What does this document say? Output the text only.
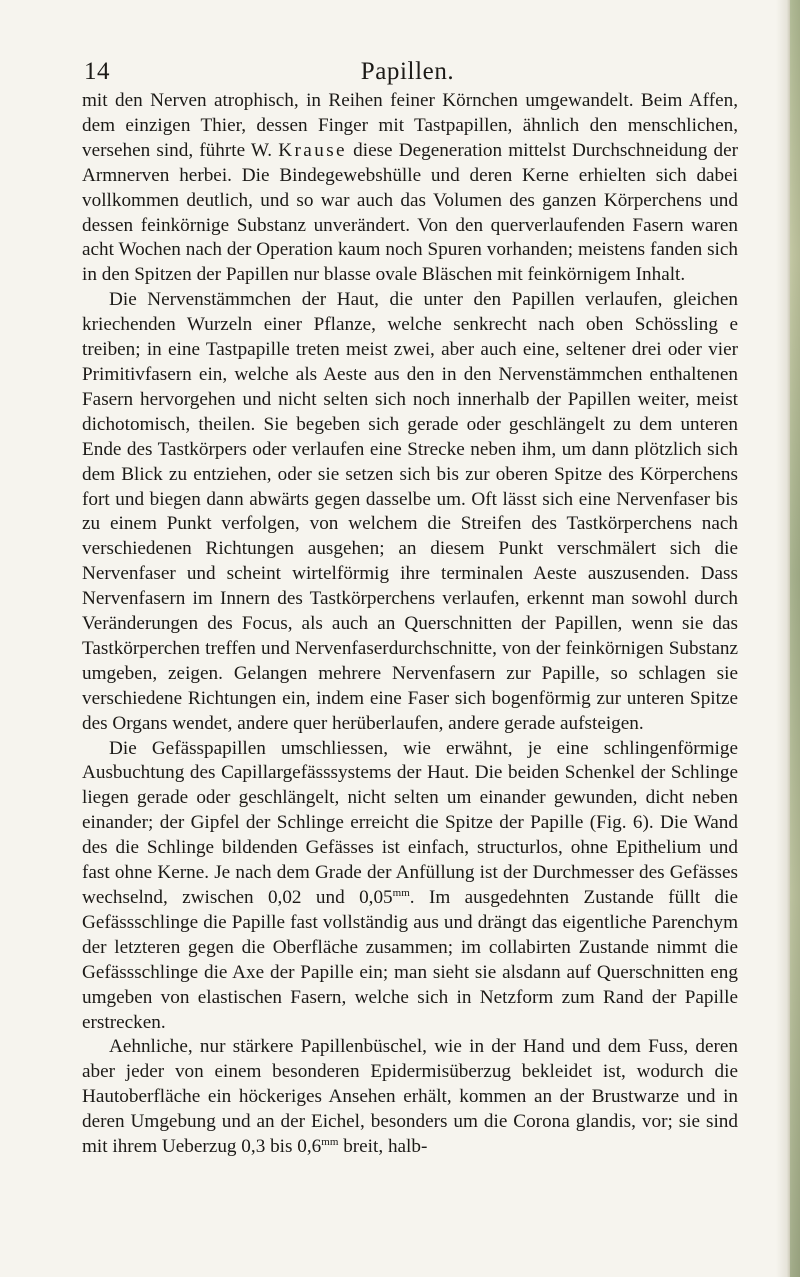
14	Papillen.

mit den Nerven atrophisch, in Reihen feiner Körnchen umgewandelt. Beim Affen, dem einzigen Thier, dessen Finger mit Tastpapillen, ähnlich den menschlichen, versehen sind, führte W. Krause diese Degeneration mittelst Durchschneidung der Armnerven herbei. Die Bindegewebshülle und deren Kerne erhielten sich dabei vollkommen deutlich, und so war auch das Volumen des ganzen Körperchens und dessen feinkörnige Substanz unverändert. Von den querverlaufenden Fasern waren acht Wochen nach der Operation kaum noch Spuren vorhanden; meistens fanden sich in den Spitzen der Papillen nur blasse ovale Bläschen mit feinkörnigem Inhalt.

Die Nervenstämmchen der Haut, die unter den Papillen verlaufen, gleichen kriechenden Wurzeln einer Pflanze, welche senkrecht nach oben Schössling e treiben; in eine Tastpapille treten meist zwei, aber auch eine, seltener drei oder vier Primitivfasern ein, welche als Aeste aus den in den Nervenstämmchen enthaltenen Fasern hervorgehen und nicht selten sich noch innerhalb der Papillen weiter, meist dichotomisch, theilen. Sie begeben sich gerade oder geschlängelt zu dem unteren Ende des Tastkörpers oder verlaufen eine Strecke neben ihm, um dann plötzlich sich dem Blick zu entziehen, oder sie setzen sich bis zur oberen Spitze des Körperchens fort und biegen dann abwärts gegen dasselbe um. Oft lässt sich eine Nervenfaser bis zu einem Punkt verfolgen, von welchem die Streifen des Tastkörperchens nach verschiedenen Richtungen ausgehen; an diesem Punkt verschmälert sich die Nervenfaser und scheint wirtelförmig ihre terminalen Aeste auszusenden. Dass Nervenfasern im Innern des Tastkörperchens verlaufen, erkennt man sowohl durch Veränderungen des Focus, als auch an Querschnitten der Papillen, wenn sie das Tastkörperchen treffen und Nervenfaserdurchschnitte, von der feinkörnigen Substanz umgeben, zeigen. Gelangen mehrere Nervenfasern zur Papille, so schlagen sie verschiedene Richtungen ein, indem eine Faser sich bogenförmig zur unteren Spitze des Organs wendet, andere quer herüberlaufen, andere gerade aufsteigen.

Die Gefässpapillen umschliessen, wie erwähnt, je eine schlingenförmige Ausbuchtung des Capillargefässsystems der Haut. Die beiden Schenkel der Schlinge liegen gerade oder geschlängelt, nicht selten um einander gewunden, dicht neben einander; der Gipfel der Schlinge erreicht die Spitze der Papille (Fig. 6). Die Wand des die Schlinge bildenden Gefässes ist einfach, structurlos, ohne Epithelium und fast ohne Kerne. Je nach dem Grade der Anfüllung ist der Durchmesser des Gefässes wechselnd, zwischen 0,02 und $0,05^{mm}$. Im ausgedehnten Zustande füllt die Gefässschlinge die Papille fast vollständig aus und drängt das eigentliche Parenchym der letzteren gegen die Oberfläche zusammen; im collabirten Zustande nimmt die Gefässschlinge die Axe der Papille ein; man sieht sie alsdann auf Querschnitten eng umgeben von elastischen Fasern, welche sich in Netzform zum Rand der Papille erstrecken.

Aehnliche, nur stärkere Papillenbüschel, wie in der Hand und dem Fuss, deren aber jeder von einem besonderen Epidermisüberzug bekleidet ist, wodurch die Hautoberfläche ein höckeriges Ansehen erhält, kommen an der Brustwarze und in deren Umgebung und an der Eichel, besonders um die Corona glandis, vor; sie sind mit ihrem Ueberzug 0,3 bis $0,6^{mm}$ breit, halb-
